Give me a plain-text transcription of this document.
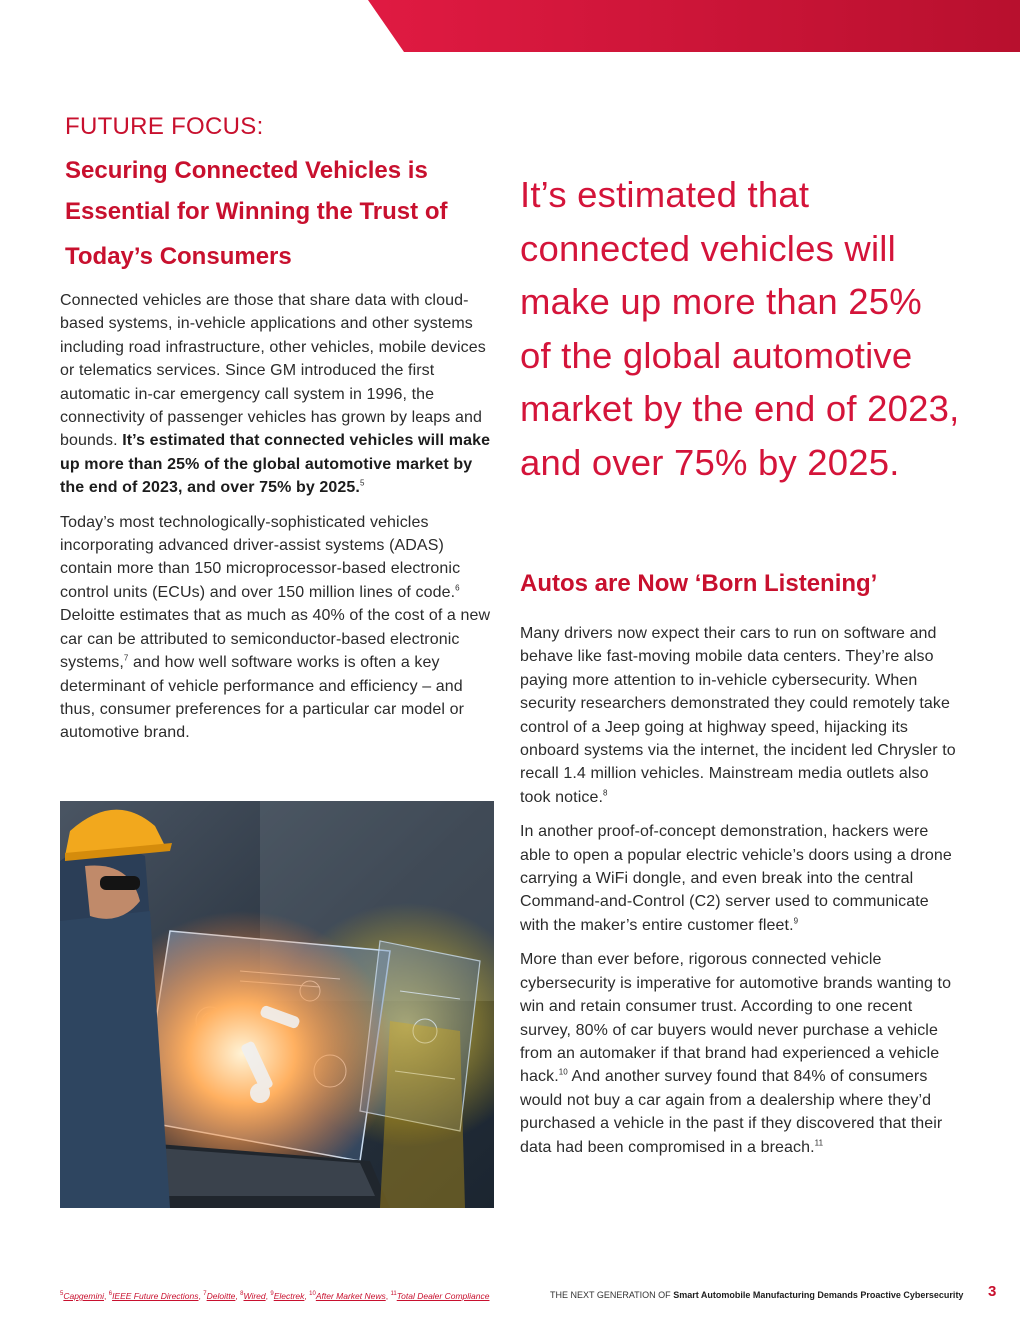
FUTURE FOCUS:
Securing Connected Vehicles is
Essential for Winning the Trust of
Today’s Consumers

Connected vehicles are those that share data with cloud-based systems, in-vehicle applications and other systems including road infrastructure, other vehicles, mobile devices or telematics services. Since GM introduced the first automatic in-car emergency call system in 1996, the connectivity of passenger vehicles has grown by leaps and bounds. It’s estimated that connected vehicles will make up more than 25% of the global automotive market by the end of 2023, and over 75% by 2025.$^5$

Today’s most technologically-sophisticated vehicles incorporating advanced driver-assist systems (ADAS) contain more than 150 microprocessor-based electronic control units (ECUs) and over 150 million lines of code.$^6$ Deloitte estimates that as much as 40% of the cost of a new car can be attributed to semiconductor-based electronic systems,$^7$ and how well software works is often a key determinant of vehicle performance and efficiency – and thus, consumer preferences for a particular car model or automotive brand.

It’s estimated that
connected vehicles will
make up more than 25%
of the global automotive
market by the end of 2023,
and over 75% by 2025.
Autos are Now ‘Born Listening’

Many drivers now expect their cars to run on software and behave like fast-moving mobile data centers. They’re also paying more attention to in-vehicle cybersecurity. When security researchers demonstrated they could remotely take control of a Jeep going at highway speed, hijacking its onboard systems via the internet, the incident led Chrysler to recall 1.4 million vehicles. Mainstream media outlets also took notice.$^8$

In another proof-of-concept demonstration, hackers were able to open a popular electric vehicle’s doors using a drone carrying a WiFi dongle, and even break into the central Command-and-Control (C2) server used to communicate with the maker’s entire customer fleet.$^9$

More than ever before, rigorous connected vehicle cybersecurity is imperative for automotive brands wanting to win and retain consumer trust. According to one recent survey, 80% of car buyers would never purchase a vehicle from an automaker if that brand had experienced a vehicle hack.$^{10}$ And another survey found that 84% of consumers would not buy a car again from a dealership where they’d purchased a vehicle in the past if they discovered that their data had been compromised in a breach.$^{11}$

$^5$Capgemini, $^6$IEEE Future Directions, $^7$Deloitte, $^8$Wired, $^9$Electrek, $^{10}$After Market News, $^{11}$Total Dealer Compliance	THE NEXT GENERATION OF Smart Automobile Manufacturing Demands Proactive Cybersecurity 3
